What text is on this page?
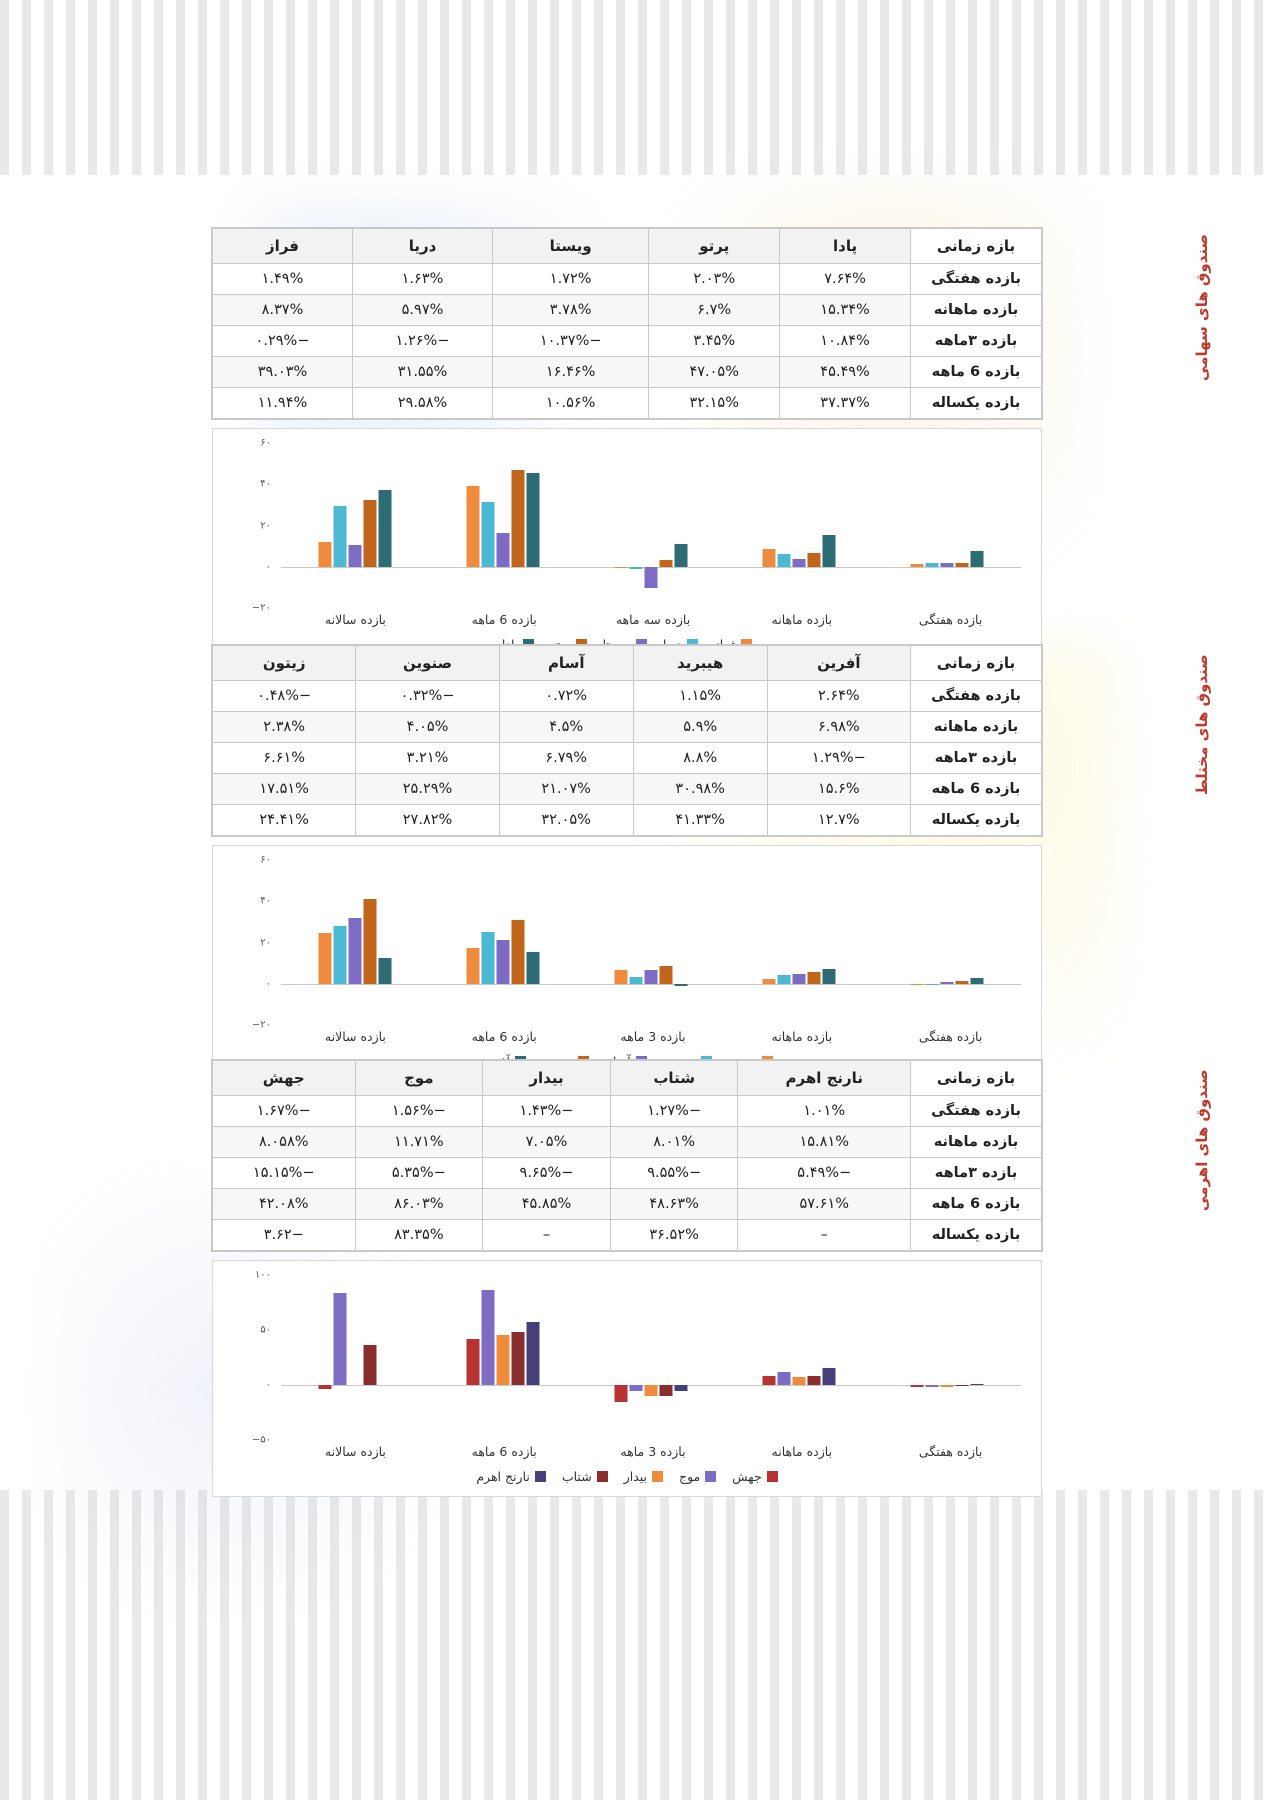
صندوق های سهامی
بازه زمانی	پادا	پرتو	ویستا	دریا	فراز
بازده هفتگی	۷.۶۴%	۲.۰۳%	۱.۷۲%	۱.۶۳%	۱.۴۹%
بازده ماهانه	۱۵.۳۴%	۶.۷%	۳.۷۸%	۵.۹۷%	۸.۳۷%
بازده ۳ماهه	۱۰.۸۴%	۳.۴۵%	−۱۰.۳۷%	−۱.۲۶%	−۰.۲۹%
بازده 6 ماهه	۴۵.۴۹%	۴۷.۰۵%	۱۶.۴۶%	۳۱.۵۵%	۳۹.۰۳%
بازده یکساله	۳۷.۳۷%	۳۲.۱۵%	۱۰.۵۶%	۲۹.۵۸%	۱۱.۹۴%
−۲۰
۰
۲۰
۴۰
۶۰
بازده هفتگی
بازده ماهانه
بازده سه ماهه
بازده 6 ماهه
بازده سالانه
صندوق های مختلط
بازه زمانی	آفرین	هیبرید	آسام	صنوین	زیتون
بازده هفتگی	۲.۶۴%	۱.۱۵%	۰.۷۲%	−۰.۳۲%	−۰.۴۸%
بازده ماهانه	۶.۹۸%	۵.۹%	۴.۵%	۴.۰۵%	۲.۳۸%
بازده ۳ماهه	−۱.۲۹%	۸.۸%	۶.۷۹%	۳.۲۱%	۶.۶۱%
بازده 6 ماهه	۱۵.۶%	۳۰.۹۸%	۲۱.۰۷%	۲۵.۲۹%	۱۷.۵۱%
بازده یکساله	۱۲.۷%	۴۱.۳۳%	۳۲.۰۵%	۲۷.۸۲%	۲۴.۴۱%
−۲۰
۰
۲۰
۴۰
۶۰
بازده هفتگی
بازده ماهانه
بازده 3 ماهه
بازده 6 ماهه
بازده سالانه
صندوق های اهرمی
بازه زمانی	نارنج اهرم	شتاب	بیدار	موج	جهش
بازده هفتگی	۱.۰۱%	−۱.۲۷%	−۱.۴۳%	−۱.۵۶%	−۱.۶۷%
بازده ماهانه	۱۵.۸۱%	۸.۰۱%	۷.۰۵%	۱۱.۷۱%	۸.۰۵۸%
بازده ۳ماهه	−۵.۴۹%	−۹.۵۵%	−۹.۶۵%	−۵.۳۵%	−۱۵.۱۵%
بازده 6 ماهه	۵۷.۶۱%	۴۸.۶۳%	۴۵.۸۵%	۸۶.۰۳%	۴۲.۰۸%
بازده یکساله	–	۳۶.۵۲%	–	۸۳.۳۵%	−۳.۶۲
−۵۰
۰
۵۰
۱۰۰
بازده هفتگی
بازده ماهانه
بازده 3 ماهه
بازده 6 ماهه
بازده سالانه
جهش
موج
بیدار
شتاب
نارنج اهرم
